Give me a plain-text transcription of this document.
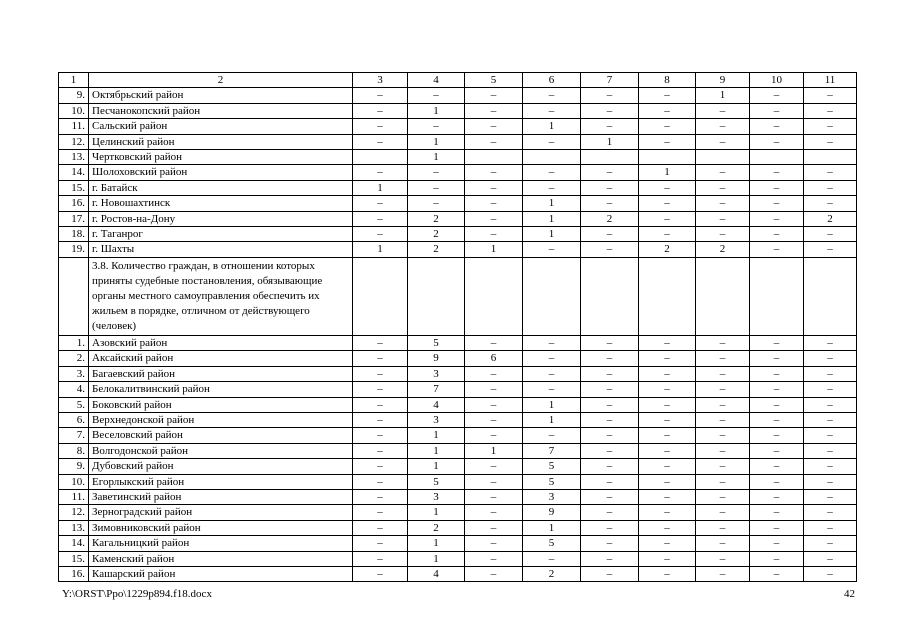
1	2	3	4	5	6	7	8	9	10	11
9.	Октябрьский район	–	–	–	–	–	–	1	–	–
10.	Песчанокопский район	–	1	–	–	–	–	–	–	–
11.	Сальский район	–	–	–	1	–	–	–	–	–
12.	Целинский район	–	1	–	–	1	–	–	–	–
13.	Чертковский район		1							
14.	Шолоховский район	–	–	–	–	–	1	–	–	–
15.	г. Батайск	1	–	–	–	–	–	–	–	–
16.	г. Новошахтинск	–	–	–	1	–	–	–	–	–
17.	г. Ростов-на-Дону	–	2	–	1	2	–	–	–	2
18.	г. Таганрог	–	2	–	1	–	–	–	–	–
19.	г. Шахты	1	2	1	–	–	2	2	–	–
	3.8. Количество граждан, в отношении которых приняты судебные постановления, обязывающие органы местного самоуправления обеспечить их жильем в порядке, отличном от действующего (человек)									
1.	Азовский район	–	5	–	–	–	–	–	–	–
2.	Аксайский район	–	9	6	–	–	–	–	–	–
3.	Багаевский район	–	3	–	–	–	–	–	–	–
4.	Белокалитвинский район	–	7	–	–	–	–	–	–	–
5.	Боковский район	–	4	–	1	–	–	–	–	–
6.	Верхнедонской район	–	3	–	1	–	–	–	–	–
7.	Веселовский район	–	1	–	–	–	–	–	–	–
8.	Волгодонской район	–	1	1	7	–	–	–	–	–
9.	Дубовский район	–	1	–	5	–	–	–	–	–
10.	Егорлыкский район	–	5	–	5	–	–	–	–	–
11.	Заветинский район	–	3	–	3	–	–	–	–	–
12.	Зерноградский район	–	1	–	9	–	–	–	–	–
13.	Зимовниковский район	–	2	–	1	–	–	–	–	–
14.	Кагальницкий район	–	1	–	5	–	–	–	–	–
15.	Каменский район	–	1	–	–	–	–	–	–	–
16.	Кашарский район	–	4	–	2	–	–	–	–	–
Y:\ORST\Ppo\1229p894.f18.docx	42
